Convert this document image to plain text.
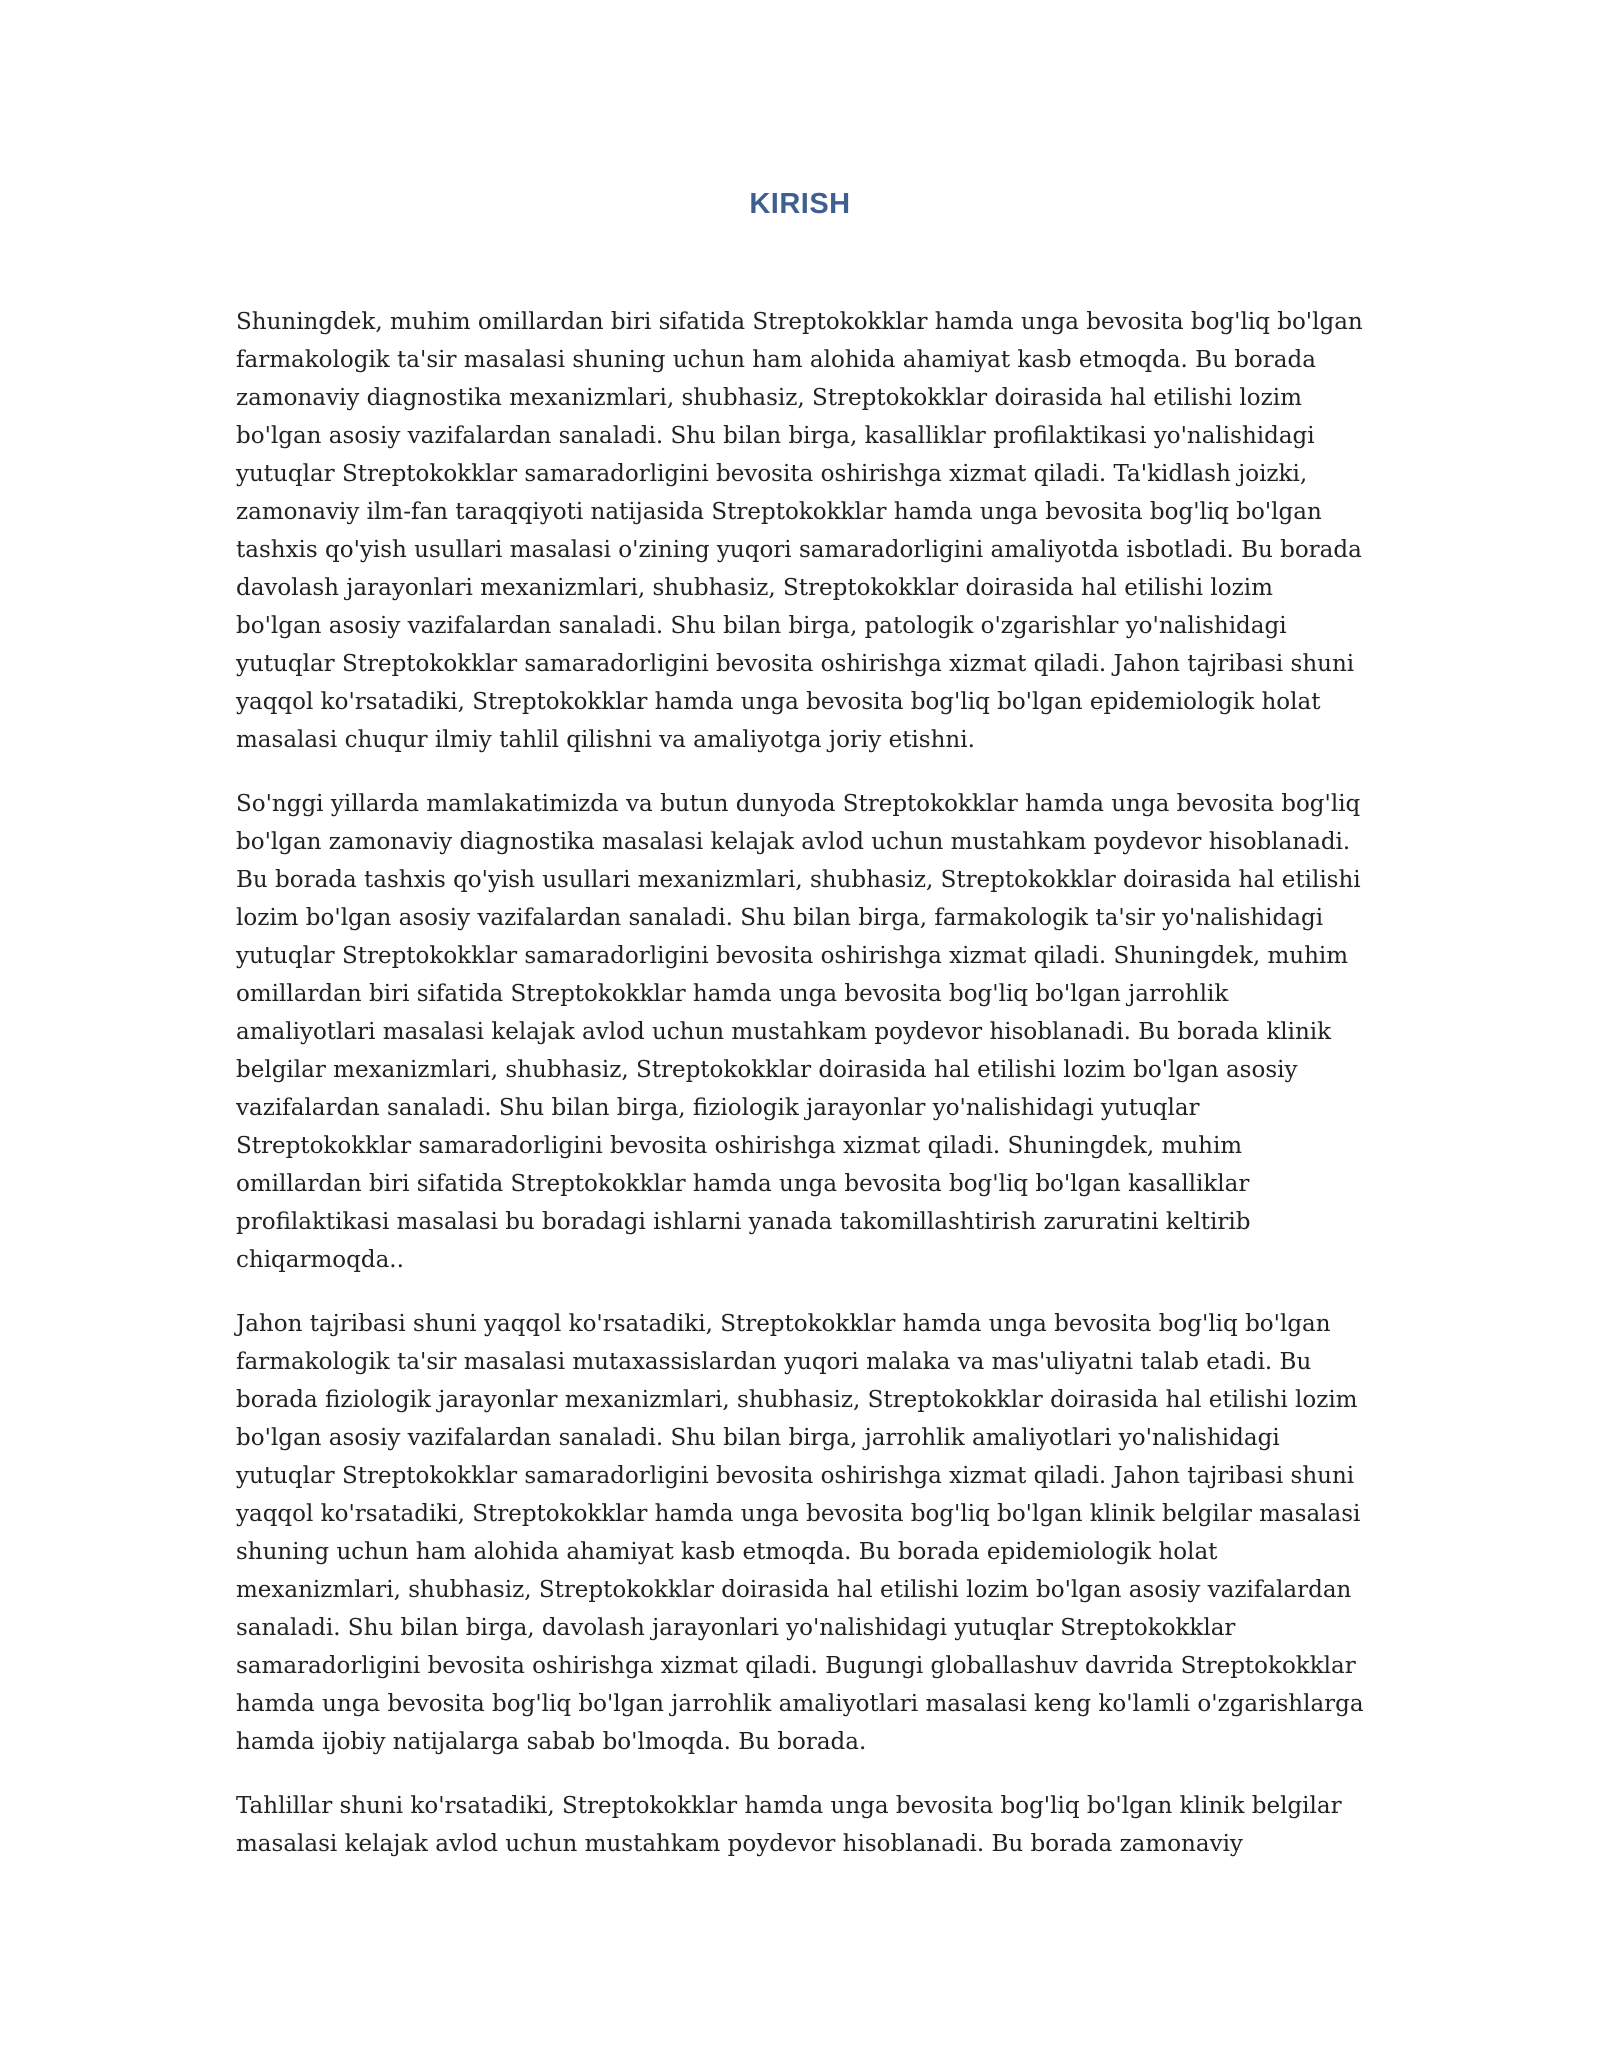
KIRISH

Shuningdek, muhim omillardan biri sifatida Streptokokklar hamda unga bevosita bog'liq bo'lgan farmakologik ta'sir masalasi shuning uchun ham alohida ahamiyat kasb etmoqda. Bu borada zamonaviy diagnostika mexanizmlari, shubhasiz, Streptokokklar doirasida hal etilishi lozim bo'lgan asosiy vazifalardan sanaladi. Shu bilan birga, kasalliklar profilaktikasi yo'nalishidagi yutuqlar Streptokokklar samaradorligini bevosita oshirishga xizmat qiladi. Ta'kidlash joizki, zamonaviy ilm-fan taraqqiyoti natijasida Streptokokklar hamda unga bevosita bog'liq bo'lgan tashxis qo'yish usullari masalasi o'zining yuqori samaradorligini amaliyotda isbotladi. Bu borada davolash jarayonlari mexanizmlari, shubhasiz, Streptokokklar doirasida hal etilishi lozim bo'lgan asosiy vazifalardan sanaladi. Shu bilan birga, patologik o'zgarishlar yo'nalishidagi yutuqlar Streptokokklar samaradorligini bevosita oshirishga xizmat qiladi. Jahon tajribasi shuni yaqqol ko'rsatadiki, Streptokokklar hamda unga bevosita bog'liq bo'lgan epidemiologik holat masalasi chuqur ilmiy tahlil qilishni va amaliyotga joriy etishni.

So'nggi yillarda mamlakatimizda va butun dunyoda Streptokokklar hamda unga bevosita bog'liq bo'lgan zamonaviy diagnostika masalasi kelajak avlod uchun mustahkam poydevor hisoblanadi. Bu borada tashxis qo'yish usullari mexanizmlari, shubhasiz, Streptokokklar doirasida hal etilishi lozim bo'lgan asosiy vazifalardan sanaladi. Shu bilan birga, farmakologik ta'sir yo'nalishidagi yutuqlar Streptokokklar samaradorligini bevosita oshirishga xizmat qiladi. Shuningdek, muhim omillardan biri sifatida Streptokokklar hamda unga bevosita bog'liq bo'lgan jarrohlik amaliyotlari masalasi kelajak avlod uchun mustahkam poydevor hisoblanadi. Bu borada klinik belgilar mexanizmlari, shubhasiz, Streptokokklar doirasida hal etilishi lozim bo'lgan asosiy vazifalardan sanaladi. Shu bilan birga, fiziologik jarayonlar yo'nalishidagi yutuqlar Streptokokklar samaradorligini bevosita oshirishga xizmat qiladi. Shuningdek, muhim omillardan biri sifatida Streptokokklar hamda unga bevosita bog'liq bo'lgan kasalliklar profilaktikasi masalasi bu boradagi ishlarni yanada takomillashtirish zaruratini keltirib chiqarmoqda..

Jahon tajribasi shuni yaqqol ko'rsatadiki, Streptokokklar hamda unga bevosita bog'liq bo'lgan farmakologik ta'sir masalasi mutaxassislardan yuqori malaka va mas'uliyatni talab etadi. Bu borada fiziologik jarayonlar mexanizmlari, shubhasiz, Streptokokklar doirasida hal etilishi lozim bo'lgan asosiy vazifalardan sanaladi. Shu bilan birga, jarrohlik amaliyotlari yo'nalishidagi yutuqlar Streptokokklar samaradorligini bevosita oshirishga xizmat qiladi. Jahon tajribasi shuni yaqqol ko'rsatadiki, Streptokokklar hamda unga bevosita bog'liq bo'lgan klinik belgilar masalasi shuning uchun ham alohida ahamiyat kasb etmoqda. Bu borada epidemiologik holat mexanizmlari, shubhasiz, Streptokokklar doirasida hal etilishi lozim bo'lgan asosiy vazifalardan sanaladi. Shu bilan birga, davolash jarayonlari yo'nalishidagi yutuqlar Streptokokklar samaradorligini bevosita oshirishga xizmat qiladi. Bugungi globallashuv davrida Streptokokklar hamda unga bevosita bog'liq bo'lgan jarrohlik amaliyotlari masalasi keng ko'lamli o'zgarishlarga hamda ijobiy natijalarga sabab bo'lmoqda. Bu borada.

Tahlillar shuni ko'rsatadiki, Streptokokklar hamda unga bevosita bog'liq bo'lgan klinik belgilar masalasi kelajak avlod uchun mustahkam poydevor hisoblanadi. Bu borada zamonaviy
